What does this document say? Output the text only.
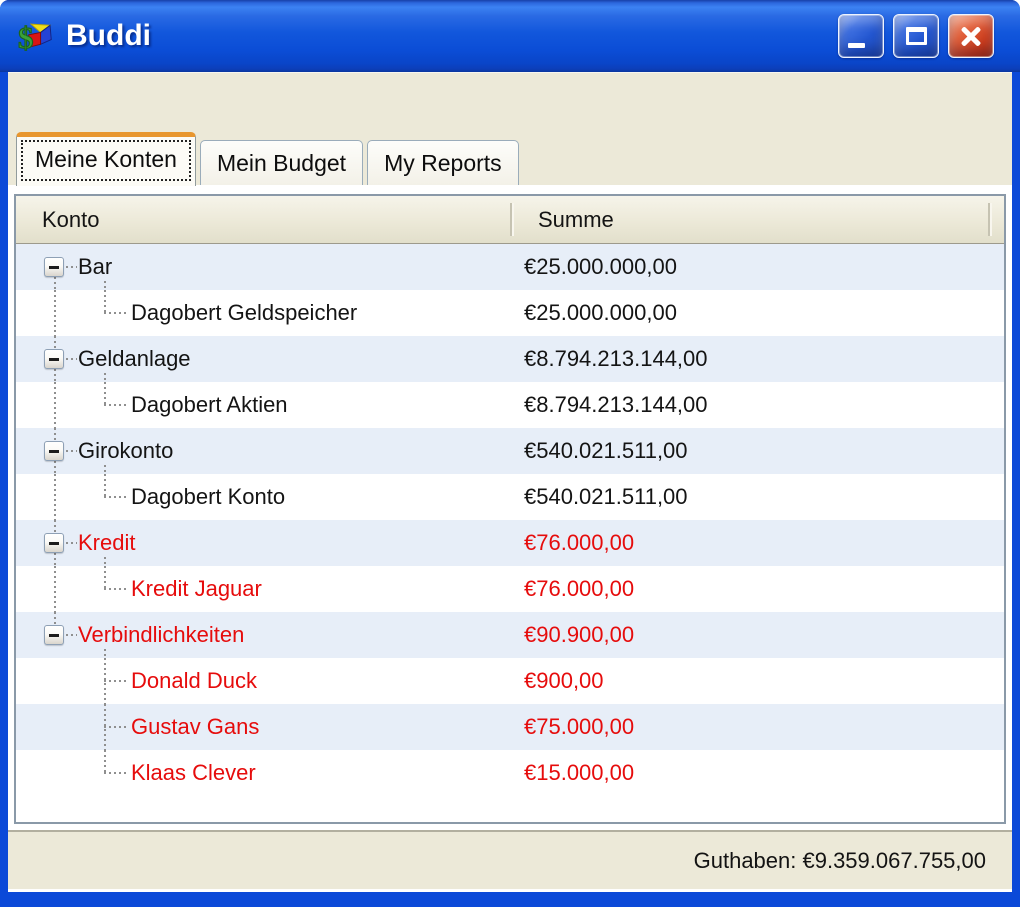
$ Buddi
Meine Konten	Mein Budget My Reports
Konto	Summe
Bar	€25.000.000,00
Dagobert Geldspeicher	€25.000.000,00
Geldanlage	€8.794.213.144,00
Dagobert Aktien	€8.794.213.144,00
Girokonto	€540.021.511,00
Dagobert Konto	€540.021.511,00
Kredit	€76.000,00
Kredit Jaguar	€76.000,00
Verbindlichkeiten	€90.900,00
Donald Duck	€900,00
Gustav Gans	€75.000,00
Klaas Clever	€15.000,00
Guthaben: €9.359.067.755,00
